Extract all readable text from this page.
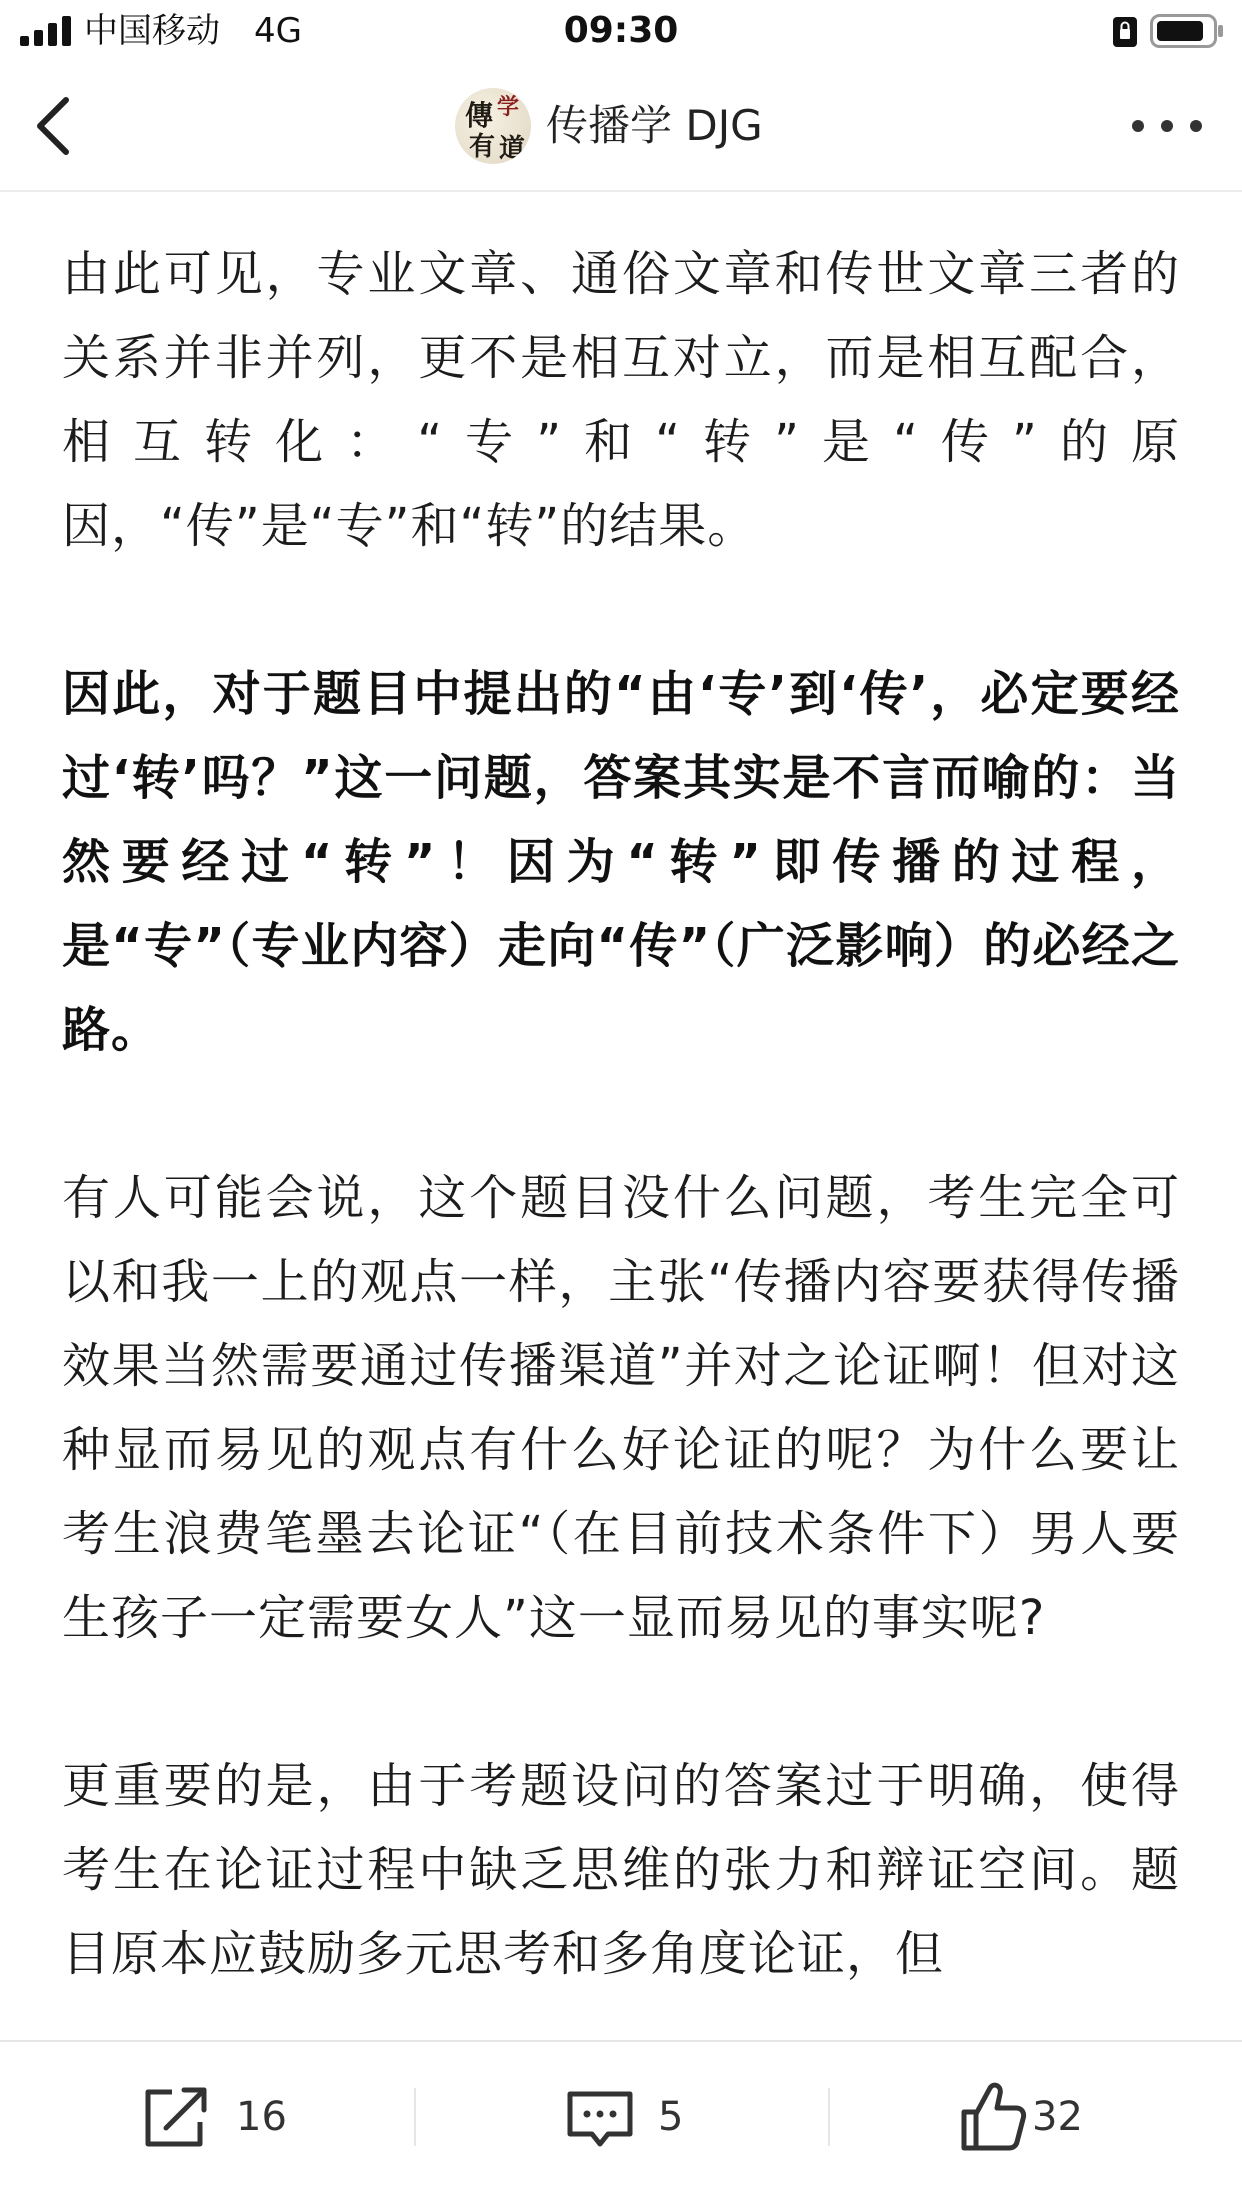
中国移动 4G	09:30
傳 学
有 道 传播学 DJG

由此可见，专业文章、通俗文章和传世文章三者的关系并非并列，更不是相互对立，而是相互配合，相互转化：“专”和“转”是“传”的原因，“传”是“专”和“转”的结果。

因此，对于题目中提出的“由‘专’到‘传’，必定要经过‘转’吗？”这一问题，答案其实是不言而喻的：当然要经过“转”！因为“转”即传播的过程，是“专”（专业内容）走向“传”（广泛影响）的必经之路。

有人可能会说，这个题目没什么问题，考生完全可以和我一上的观点一样，主张“传播内容要获得传播效果当然需要通过传播渠道”并对之论证啊！但对这种显而易见的观点有什么好论证的呢？为什么要让考生浪费笔墨去论证“（在目前技术条件下）男人要生孩子一定需要女人”这一显而易见的事实呢?

更重要的是，由于考题设问的答案过于明确，使得考生在论证过程中缺乏思维的张力和辩证空间。题目原本应鼓励多元思考和多角度论证，但

16	5	32
